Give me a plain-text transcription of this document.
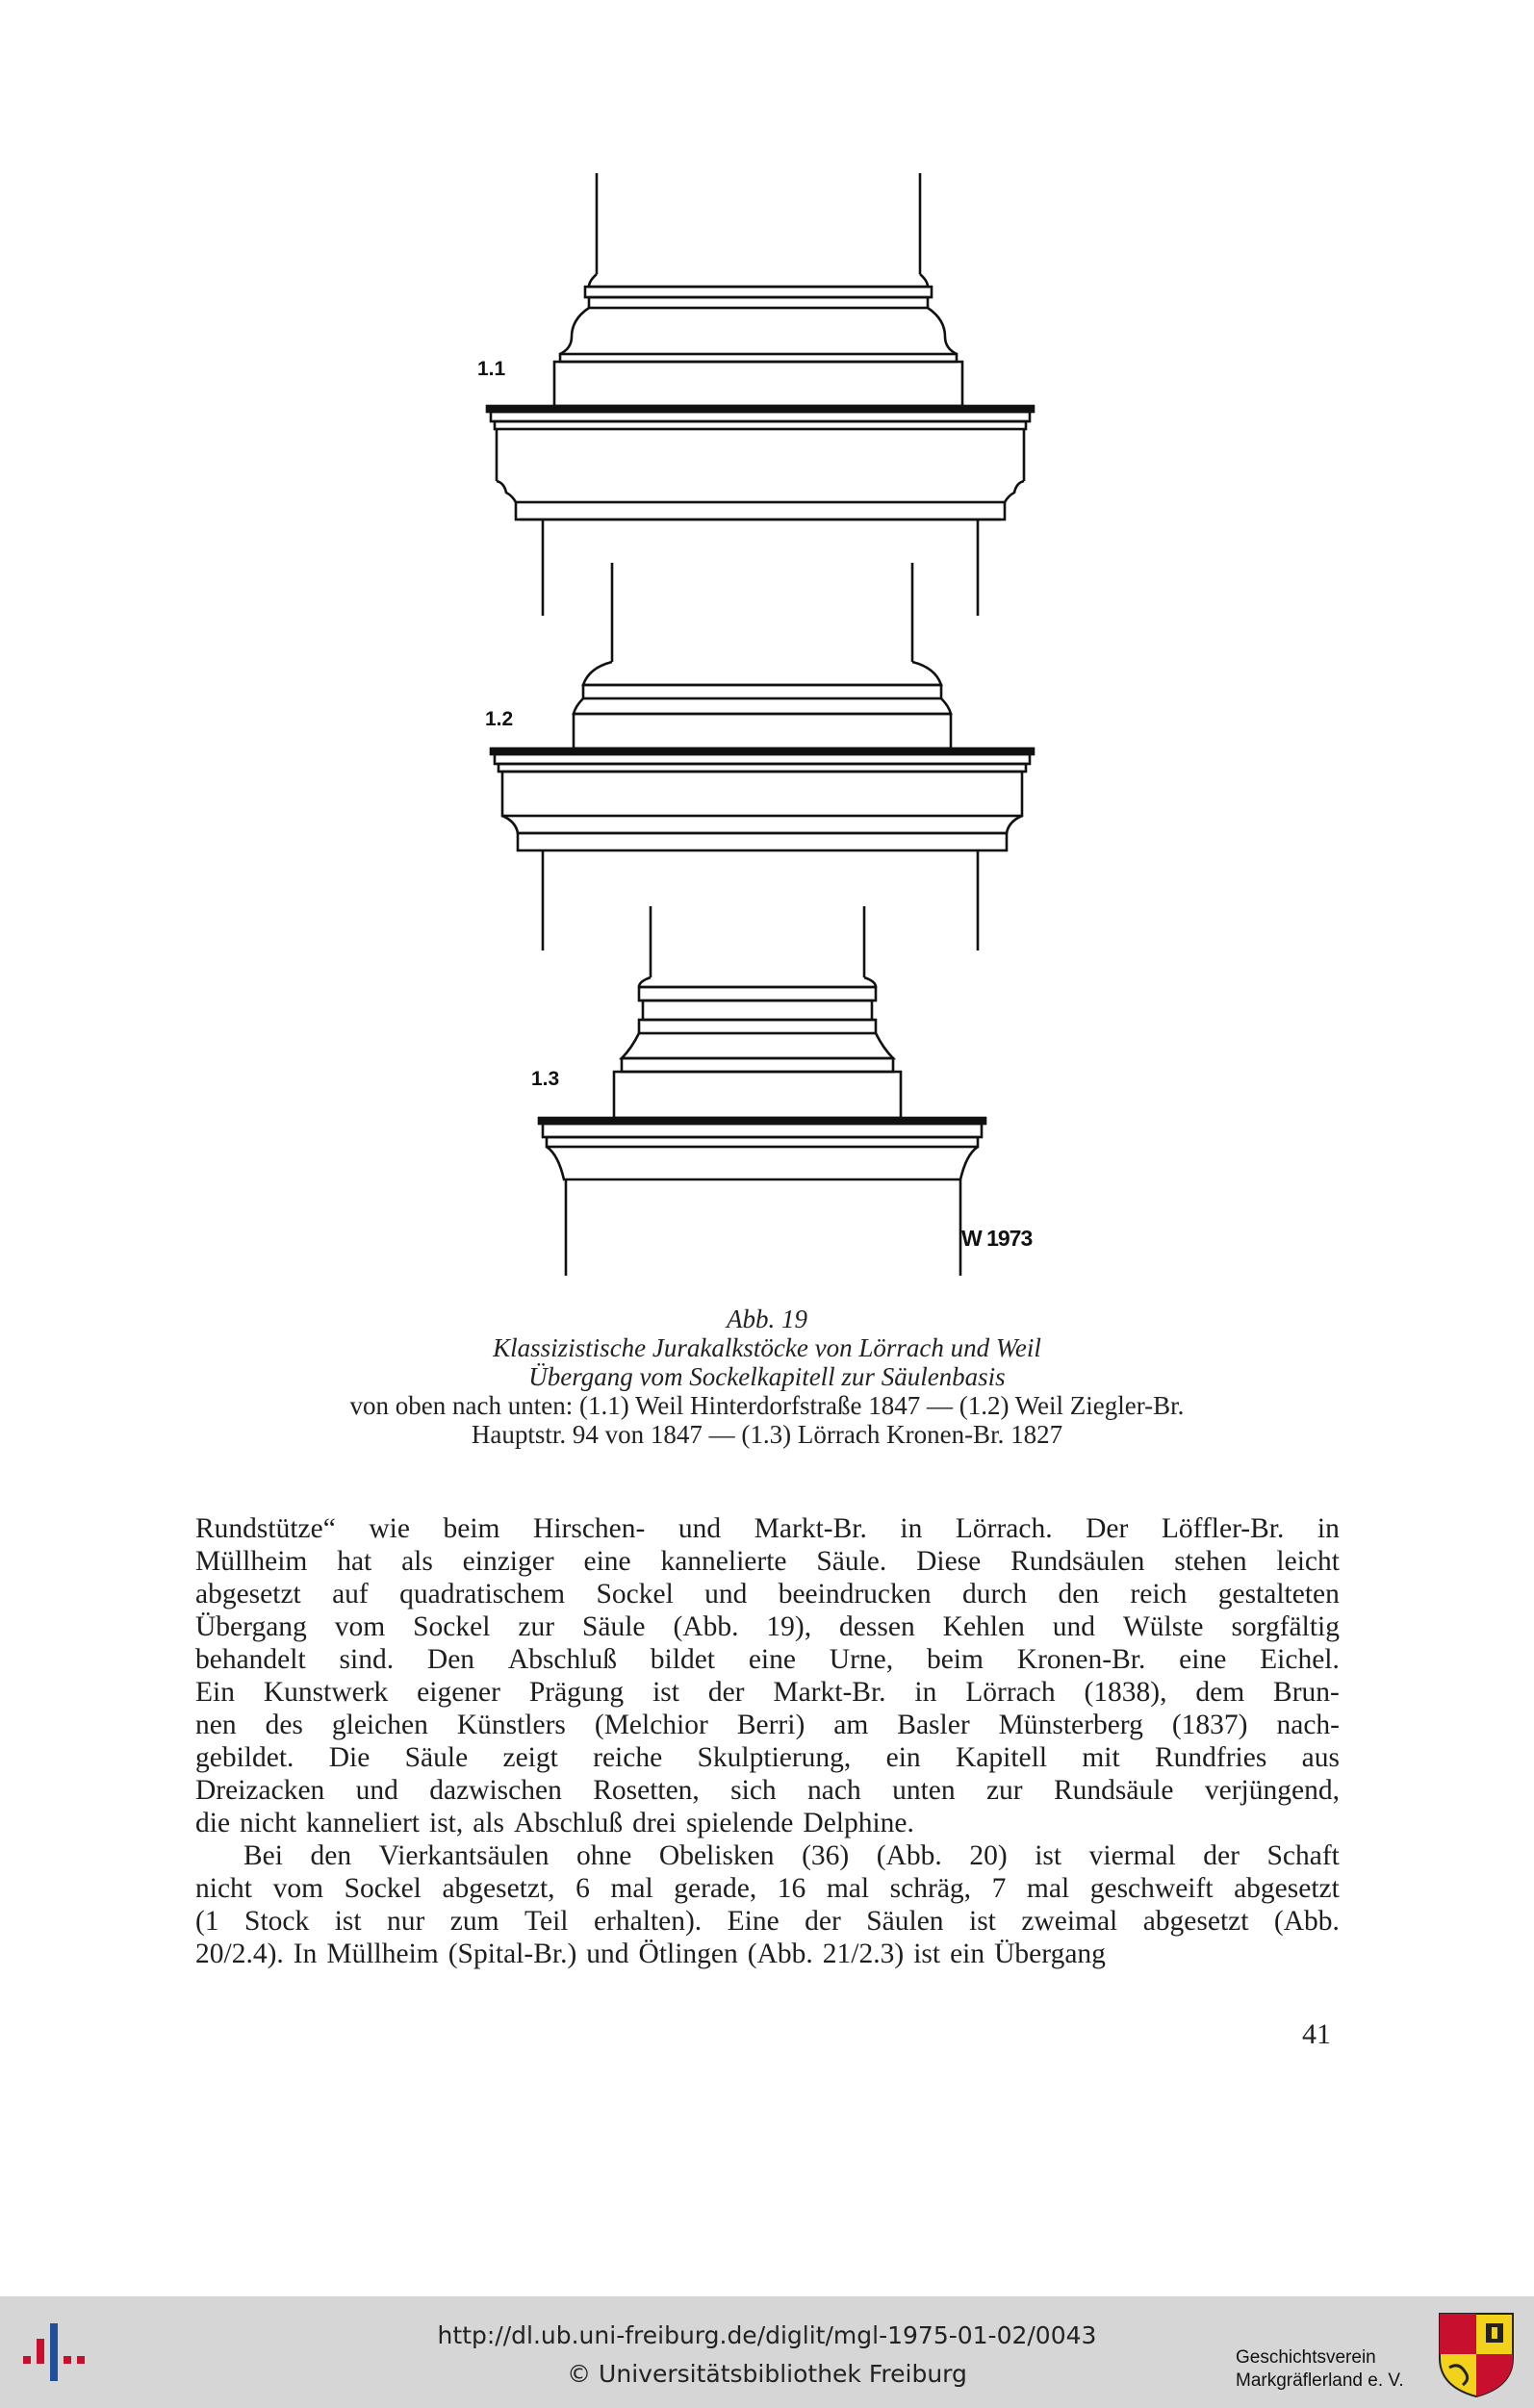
1.1
1.2
1.3
W 1973
Abb. 19
Klassizistische Jurakalkstöcke von Lörrach und Weil
Übergang vom Sockelkapitell zur Säulenbasis
von oben nach unten: (1.1) Weil Hinterdorfstraße 1847 — (1.2) Weil Ziegler-Br.
Hauptstr. 94 von 1847 — (1.3) Lörrach Kronen-Br. 1827
Rundstütze“ wie beim Hirschen- und Markt-Br. in Lörrach. Der Löffler-Br. in
Müllheim hat als einziger eine kannelierte Säule. Diese Rundsäulen stehen leicht
abgesetzt auf quadratischem Sockel und beeindrucken durch den reich gestalteten
Übergang vom Sockel zur Säule (Abb. 19), dessen Kehlen und Wülste sorgfältig
behandelt sind. Den Abschluß bildet eine Urne, beim Kronen-Br. eine Eichel.
Ein Kunstwerk eigener Prägung ist der Markt-Br. in Lörrach (1838), dem Brun-
nen des gleichen Künstlers (Melchior Berri) am Basler Münsterberg (1837) nach-
gebildet. Die Säule zeigt reiche Skulptierung, ein Kapitell mit Rundfries aus
Dreizacken und dazwischen Rosetten, sich nach unten zur Rundsäule verjüngend,
die nicht kanneliert ist, als Abschluß drei spielende Delphine.
Bei den Vierkantsäulen ohne Obelisken (36) (Abb. 20) ist viermal der Schaft
nicht vom Sockel abgesetzt, 6 mal gerade, 16 mal schräg, 7 mal geschweift abgesetzt
(1 Stock ist nur zum Teil erhalten). Eine der Säulen ist zweimal abgesetzt (Abb.
20/2.4). In Müllheim (Spital-Br.) und Ötlingen (Abb. 21/2.3) ist ein Übergang
41
http://dl.ub.uni-freiburg.de/diglit/mgl-1975-01-02/0043
© Universitätsbibliothek Freiburg
Geschichtsverein
Markgräflerland e. V.
